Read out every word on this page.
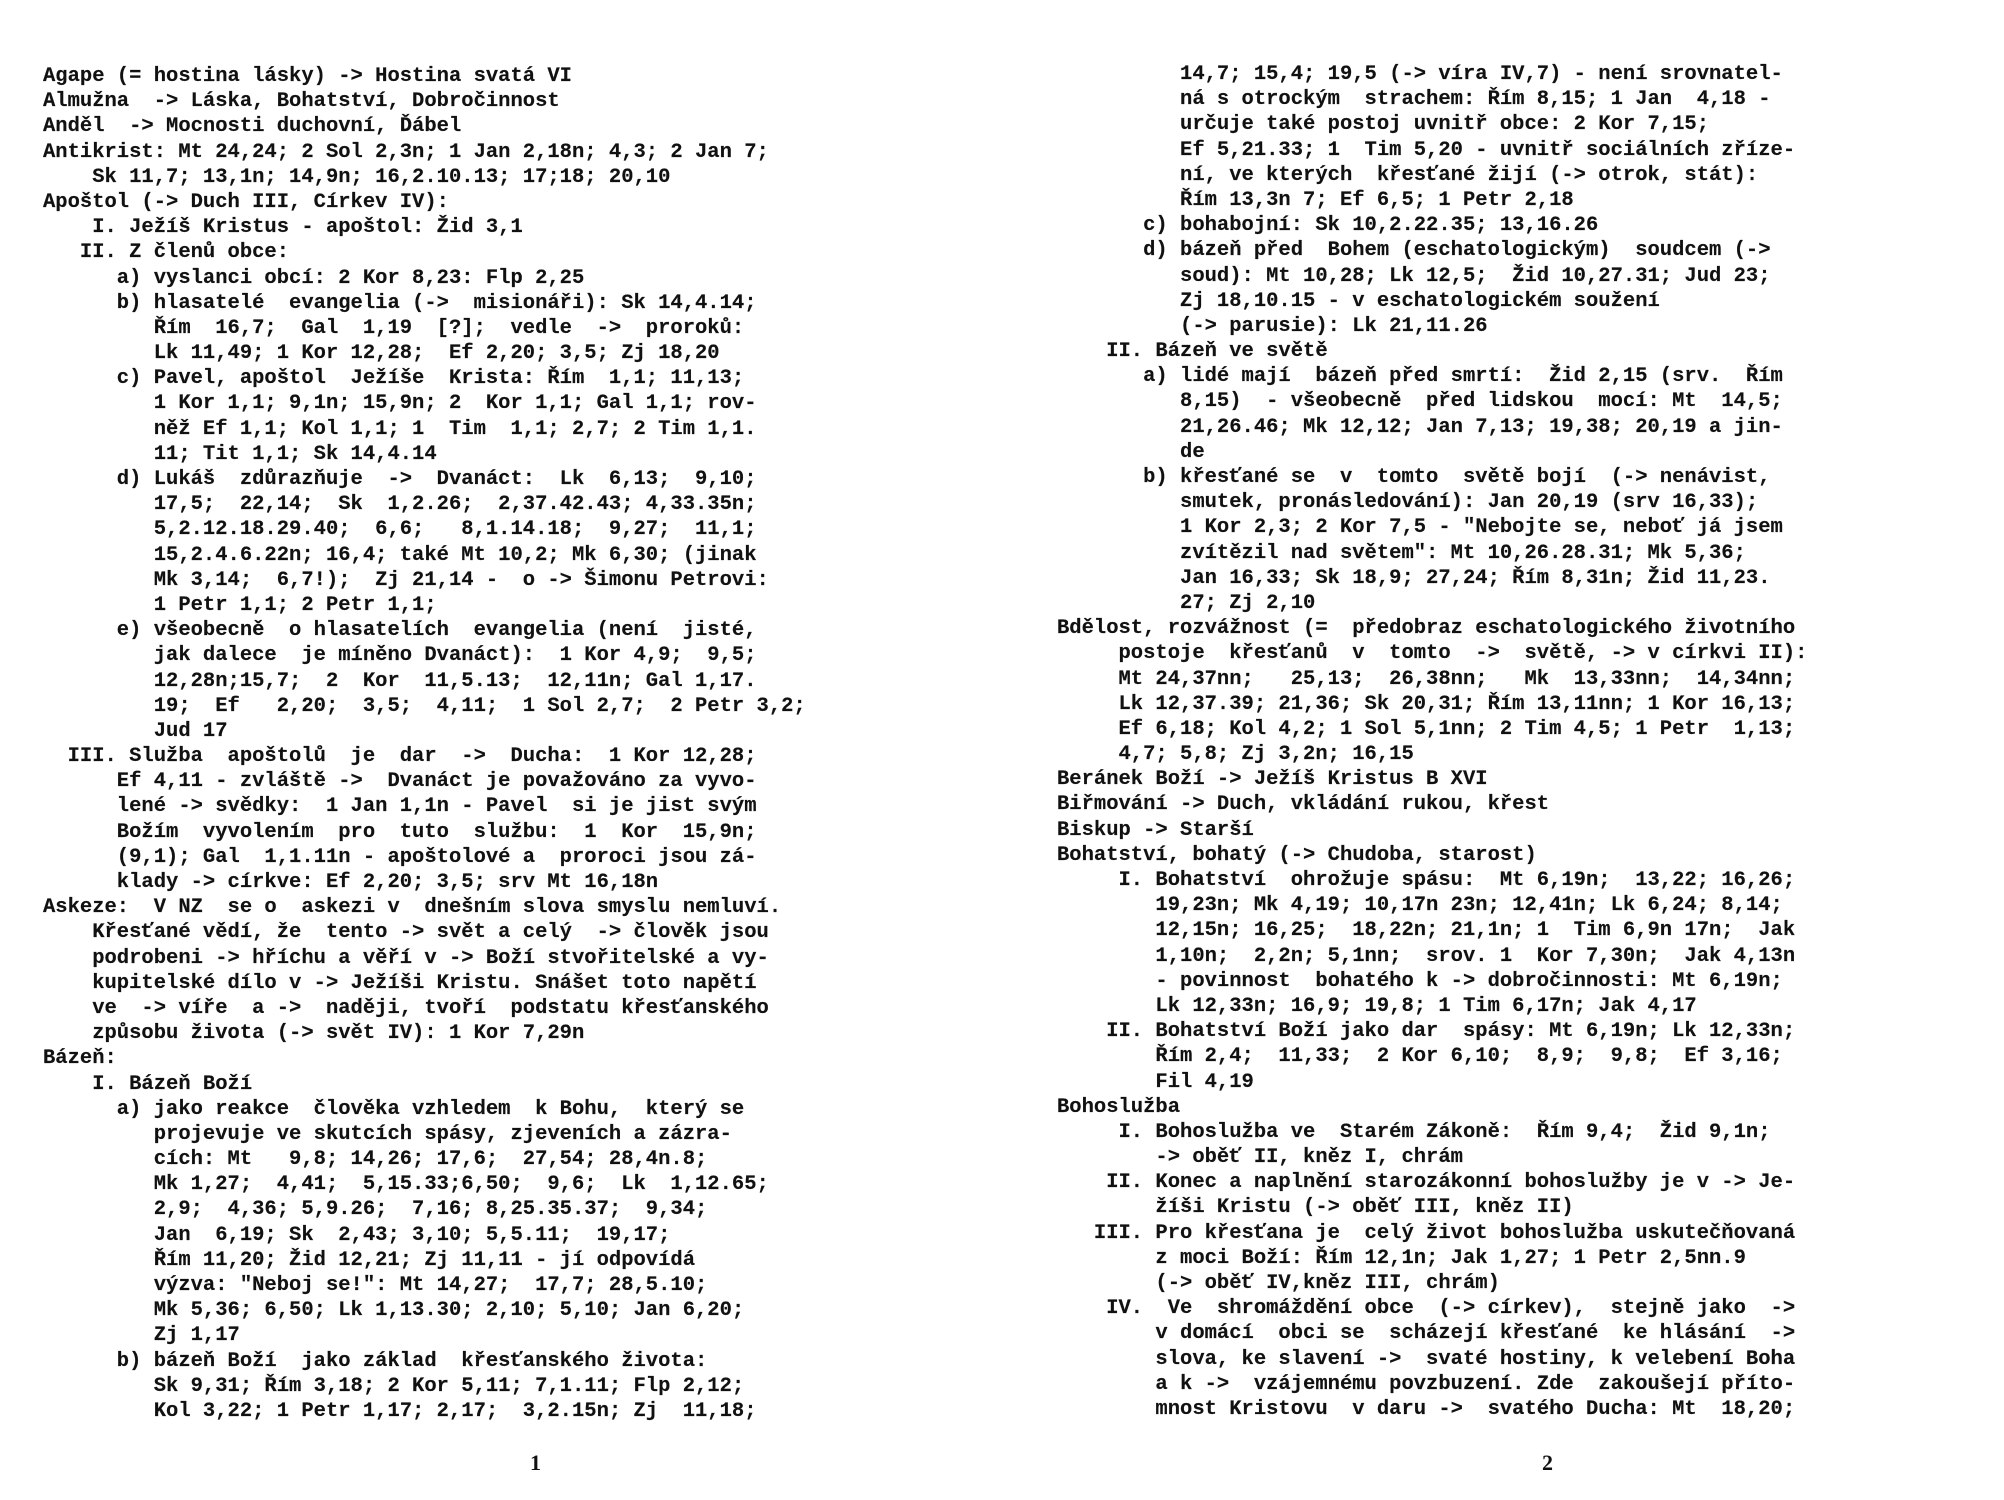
Agape (= hostina lásky) -> Hostina svatá VI
Almužna  -> Láska, Bohatství, Dobročinnost
Anděl  -> Mocnosti duchovní, Ďábel
Antikrist: Mt 24,24; 2 Sol 2,3n; 1 Jan 2,18n; 4,3; 2 Jan 7;
Sk 11,7; 13,1n; 14,9n; 16,2.10.13; 17;18; 20,10
Apoštol (-> Duch III, Církev IV):
I. Ježíš Kristus - apoštol: Žid 3,1
II. Z členů obce:
a) vyslanci obcí: 2 Kor 8,23: Flp 2,25
b) hlasatelé  evangelia (->  misionáři): Sk 14,4.14;
Řím  16,7;  Gal  1,19  [?];  vedle  ->  proroků:
Lk 11,49; 1 Kor 12,28;  Ef 2,20; 3,5; Zj 18,20
c) Pavel, apoštol  Ježíše  Krista: Řím  1,1; 11,13;
1 Kor 1,1; 9,1n; 15,9n; 2  Kor 1,1; Gal 1,1; rov-
něž Ef 1,1; Kol 1,1; 1  Tim  1,1; 2,7; 2 Tim 1,1.
11; Tit 1,1; Sk 14,4.14
d) Lukáš  zdůrazňuje  ->  Dvanáct:  Lk  6,13;  9,10;
17,5;  22,14;  Sk  1,2.26;  2,37.42.43; 4,33.35n;
5,2.12.18.29.40;  6,6;   8,1.14.18;  9,27;  11,1;
15,2.4.6.22n; 16,4; také Mt 10,2; Mk 6,30; (jinak
Mk 3,14;  6,7!);  Zj 21,14 -  o -> Šimonu Petrovi:
1 Petr 1,1; 2 Petr 1,1;
e) všeobecně  o hlasatelích  evangelia (není  jisté,
jak dalece  je míněno Dvanáct):  1 Kor 4,9;  9,5;
12,28n;15,7;  2  Kor  11,5.13;  12,11n; Gal 1,17.
19;  Ef   2,20;  3,5;  4,11;  1 Sol 2,7;  2 Petr 3,2;
Jud 17
III. Služba  apoštolů  je  dar  ->  Ducha:  1 Kor 12,28;
Ef 4,11 - zvláště ->  Dvanáct je považováno za vyvo-
lené -> svědky:  1 Jan 1,1n - Pavel  si je jist svým
Božím  vyvolením  pro  tuto  službu:  1  Kor  15,9n;
(9,1); Gal  1,1.11n - apoštolové a  proroci jsou zá-
klady -> církve: Ef 2,20; 3,5; srv Mt 16,18n
Askeze:  V NZ  se o  askezi v  dnešním slova smyslu nemluví.
Křesťané vědí, že  tento -> svět a celý  -> člověk jsou
podrobeni -> hříchu a věří v -> Boží stvořitelské a vy-
kupitelské dílo v -> Ježíši Kristu. Snášet toto napětí
ve  -> víře  a ->  naději, tvoří  podstatu křesťanského
způsobu života (-> svět IV): 1 Kor 7,29n
Bázeň:
I. Bázeň Boží
a) jako reakce  člověka vzhledem  k Bohu,  který se
projevuje ve skutcích spásy, zjeveních a zázra-
cích: Mt   9,8; 14,26; 17,6;  27,54; 28,4n.8;
Mk 1,27;  4,41;  5,15.33;6,50;  9,6;  Lk  1,12.65;
2,9;  4,36; 5,9.26;  7,16; 8,25.35.37;  9,34;
Jan  6,19; Sk  2,43; 3,10; 5,5.11;  19,17;
Řím 11,20; Žid 12,21; Zj 11,11 - jí odpovídá
výzva: "Neboj se!": Mt 14,27;  17,7; 28,5.10;
Mk 5,36; 6,50; Lk 1,13.30; 2,10; 5,10; Jan 6,20;
Zj 1,17
b) bázeň Boží  jako základ  křesťanského života:
Sk 9,31; Řím 3,18; 2 Kor 5,11; 7,1.11; Flp 2,12;
Kol 3,22; 1 Petr 1,17; 2,17;  3,2.15n; Zj  11,18;
1
14,7; 15,4; 19,5 (-> víra IV,7) - není srovnatel-
ná s otrockým  strachem: Řím 8,15; 1 Jan  4,18 -
určuje také postoj uvnitř obce: 2 Kor 7,15;
Ef 5,21.33; 1  Tim 5,20 - uvnitř sociálních zříze-
ní, ve kterých  křesťané žijí (-> otrok, stát):
Řím 13,3n 7; Ef 6,5; 1 Petr 2,18
c) bohabojní: Sk 10,2.22.35; 13,16.26
d) bázeň před  Bohem (eschatologickým)  soudcem (->
soud): Mt 10,28; Lk 12,5;  Žid 10,27.31; Jud 23;
Zj 18,10.15 - v eschatologickém soužení
(-> parusie): Lk 21,11.26
II. Bázeň ve světě
a) lidé mají  bázeň před smrtí:  Žid 2,15 (srv.  Řím
8,15)  - všeobecně  před lidskou  mocí: Mt  14,5;
21,26.46; Mk 12,12; Jan 7,13; 19,38; 20,19 a jin-
de
b) křesťané se  v  tomto  světě bojí  (-> nenávist,
smutek, pronásledování): Jan 20,19 (srv 16,33);
1 Kor 2,3; 2 Kor 7,5 - "Nebojte se, neboť já jsem
zvítězil nad světem": Mt 10,26.28.31; Mk 5,36;
Jan 16,33; Sk 18,9; 27,24; Řím 8,31n; Žid 11,23.
27; Zj 2,10
Bdělost, rozvážnost (=  předobraz eschatologického životního
postoje  křesťanů  v  tomto  ->  světě, -> v církvi II):
Mt 24,37nn;   25,13;  26,38nn;   Mk  13,33nn;  14,34nn;
Lk 12,37.39; 21,36; Sk 20,31; Řím 13,11nn; 1 Kor 16,13;
Ef 6,18; Kol 4,2; 1 Sol 5,1nn; 2 Tim 4,5; 1 Petr  1,13;
4,7; 5,8; Zj 3,2n; 16,15
Beránek Boží -> Ježíš Kristus B XVI
Biřmování -> Duch, vkládání rukou, křest
Biskup -> Starší
Bohatství, bohatý (-> Chudoba, starost)
I. Bohatství  ohrožuje spásu:  Mt 6,19n;  13,22; 16,26;
19,23n; Mk 4,19; 10,17n 23n; 12,41n; Lk 6,24; 8,14;
12,15n; 16,25;  18,22n; 21,1n; 1  Tim 6,9n 17n;  Jak
1,10n;  2,2n; 5,1nn;  srov. 1  Kor 7,30n;  Jak 4,13n
- povinnost  bohatého k -> dobročinnosti: Mt 6,19n;
Lk 12,33n; 16,9; 19,8; 1 Tim 6,17n; Jak 4,17
II. Bohatství Boží jako dar  spásy: Mt 6,19n; Lk 12,33n;
Řím 2,4;  11,33;  2 Kor 6,10;  8,9;  9,8;  Ef 3,16;
Fil 4,19
Bohoslužba
I. Bohoslužba ve  Starém Zákoně:  Řím 9,4;  Žid 9,1n;
-> oběť II, kněz I, chrám
II. Konec a naplnění starozákonní bohoslužby je v -> Je-
žíši Kristu (-> oběť III, kněz II)
III. Pro křesťana je  celý život bohoslužba uskutečňovaná
z moci Boží: Řím 12,1n; Jak 1,27; 1 Petr 2,5nn.9
(-> oběť IV,kněz III, chrám)
IV.  Ve  shromáždění obce  (-> církev),  stejně jako  ->
v domácí  obci se  scházejí křesťané  ke hlásání  ->
slova, ke slavení ->  svaté hostiny, k velebení Boha
a k ->  vzájemnému povzbuzení. Zde  zakoušejí příto-
mnost Kristovu  v daru ->  svatého Ducha: Mt  18,20;
2
